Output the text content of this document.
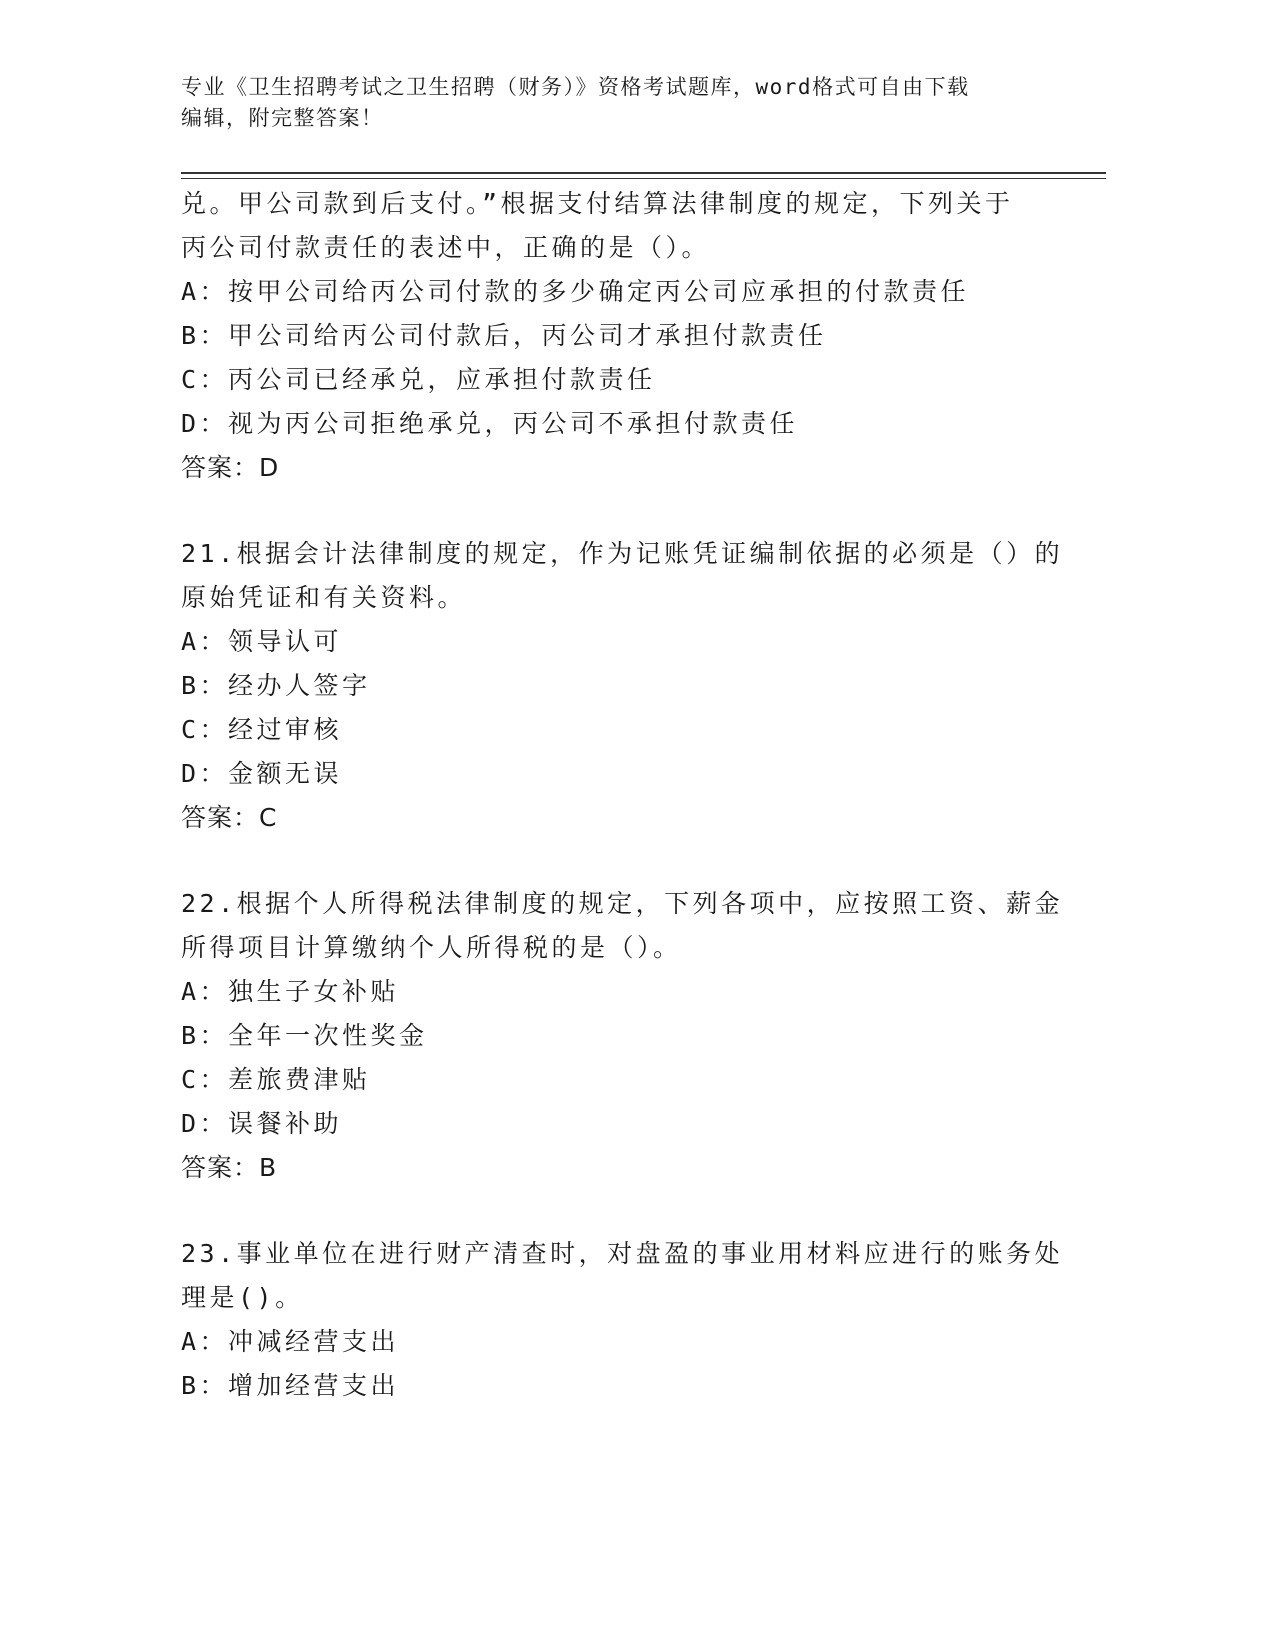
专业《卫生招聘考试之卫生招聘（财务）》资格考试题库，word格式可自由下载
编辑，附完整答案！
兑。甲公司款到后支付。”根据支付结算法律制度的规定，下列关于
丙公司付款责任的表述中，正确的是（）。
A：按甲公司给丙公司付款的多少确定丙公司应承担的付款责任
B：甲公司给丙公司付款后，丙公司才承担付款责任
C：丙公司已经承兑，应承担付款责任
D：视为丙公司拒绝承兑，丙公司不承担付款责任
答案：D
21.根据会计法律制度的规定，作为记账凭证编制依据的必须是（）的
原始凭证和有关资料。
A：领导认可
B：经办人签字
C：经过审核
D：金额无误
答案：C
22.根据个人所得税法律制度的规定，下列各项中，应按照工资、薪金
所得项目计算缴纳个人所得税的是（）。
A：独生子女补贴
B：全年一次性奖金
C：差旅费津贴
D：误餐补助
答案：B
23.事业单位在进行财产清查时，对盘盈的事业用材料应进行的账务处
理是()。
A：冲减经营支出
B：增加经营支出
